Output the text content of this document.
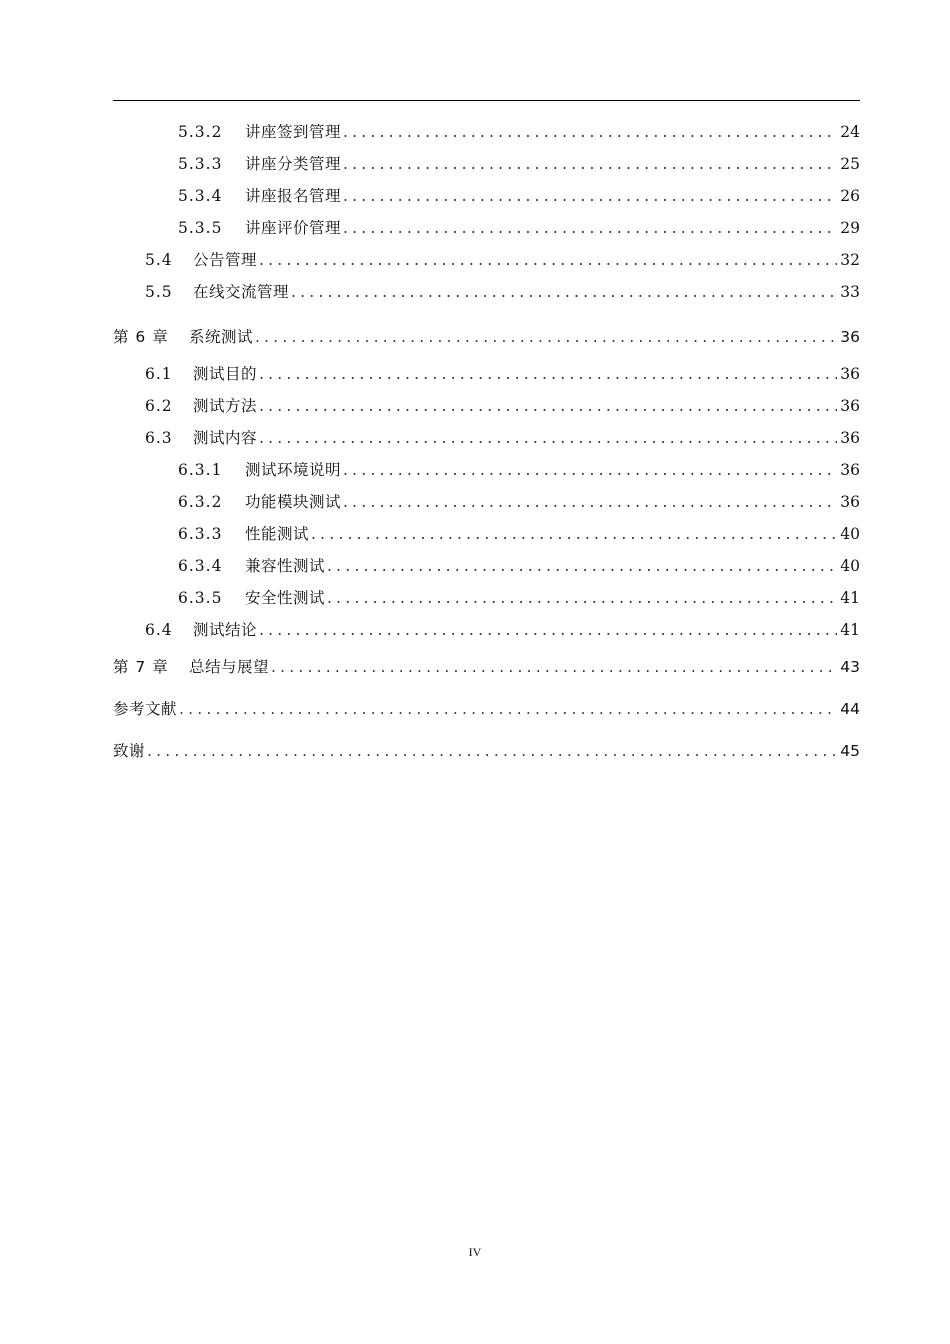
5.3.2	讲座签到管理 .....	24
5.3.3	讲座分类管理 .....	25
5.3.4	讲座报名管理 .....	26
5.3.5	讲座评价管理 .....	29
5.4	公告管理 .....	32
5.5	在线交流管理 .....	33
第 6 章	系统测试 .....	36
6.1	测试目的 .....	36
6.2	测试方法 .....	36
6.3	测试内容 .....	36
6.3.1	测试环境说明 .....	36
6.3.2	功能模块测试 .....	36
6.3.3	性能测试 .....	40
6.3.4	兼容性测试 .....	40
6.3.5	安全性测试 .....	41
6.4	测试结论 .....	41
第 7 章	总结与展望 .....	43
参考文献 .....	44
致谢 .....	45
IV
